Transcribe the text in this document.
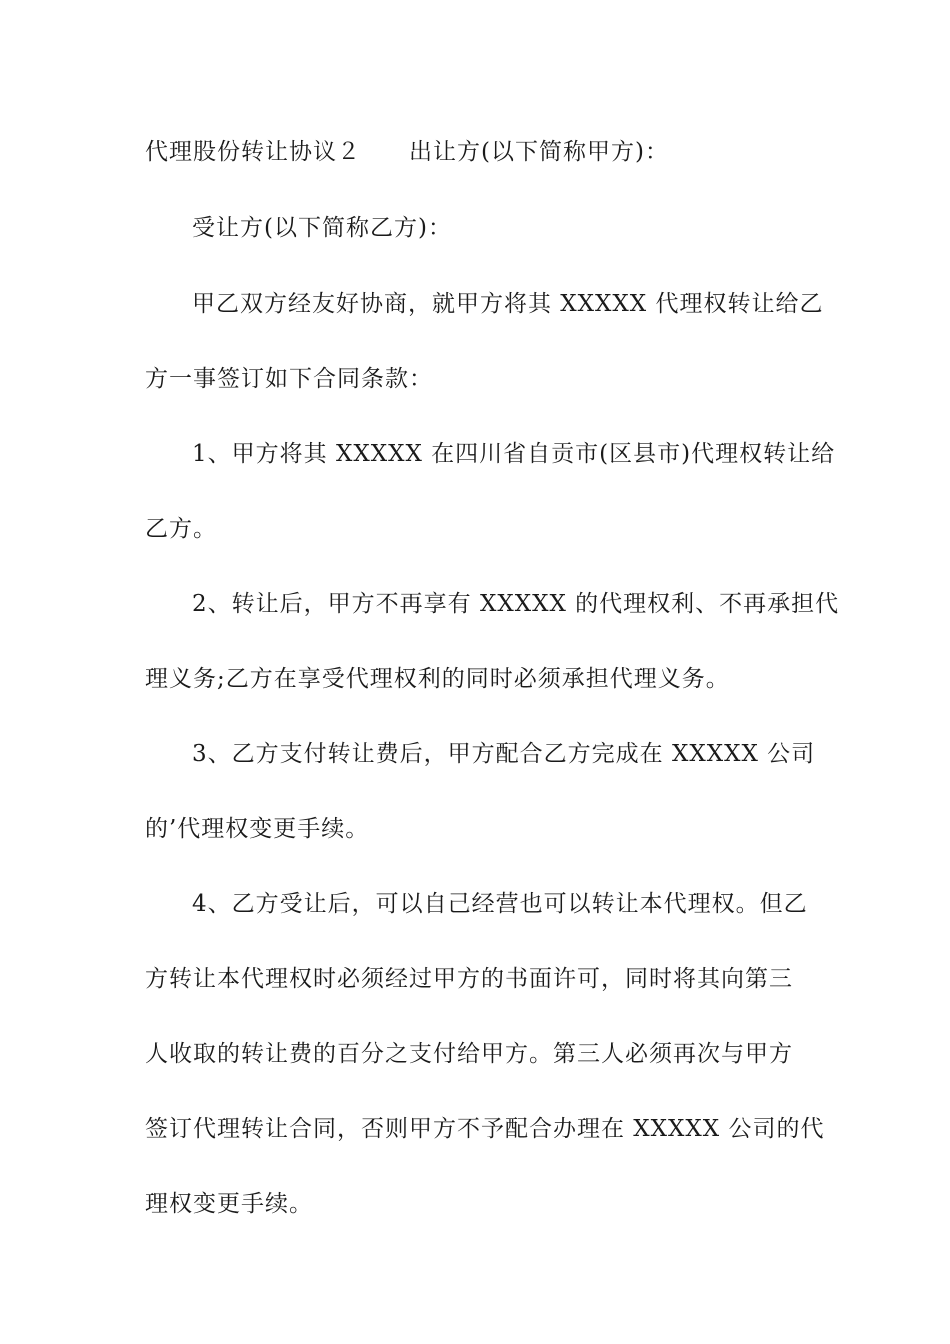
代理股份转让协议２ 出让方(以下简称甲方)：
受让方(以下简称乙方)：
甲乙双方经友好协商，就甲方将其 XXXXX 代理权转让给乙
方一事签订如下合同条款：
1、甲方将其 XXXXX 在四川省自贡市(区县市)代理权转让给
乙方。
2、转让后，甲方不再享有 XXXXX 的代理权利、不再承担代
理义务;乙方在享受代理权利的同时必须承担代理义务。
3、乙方支付转让费后，甲方配合乙方完成在 XXXXX 公司
的’代理权变更手续。
4、乙方受让后，可以自己经营也可以转让本代理权。但乙
方转让本代理权时必须经过甲方的书面许可，同时将其向第三
人收取的转让费的百分之支付给甲方。第三人必须再次与甲方
签订代理转让合同，否则甲方不予配合办理在 XXXXX 公司的代
理权变更手续。
